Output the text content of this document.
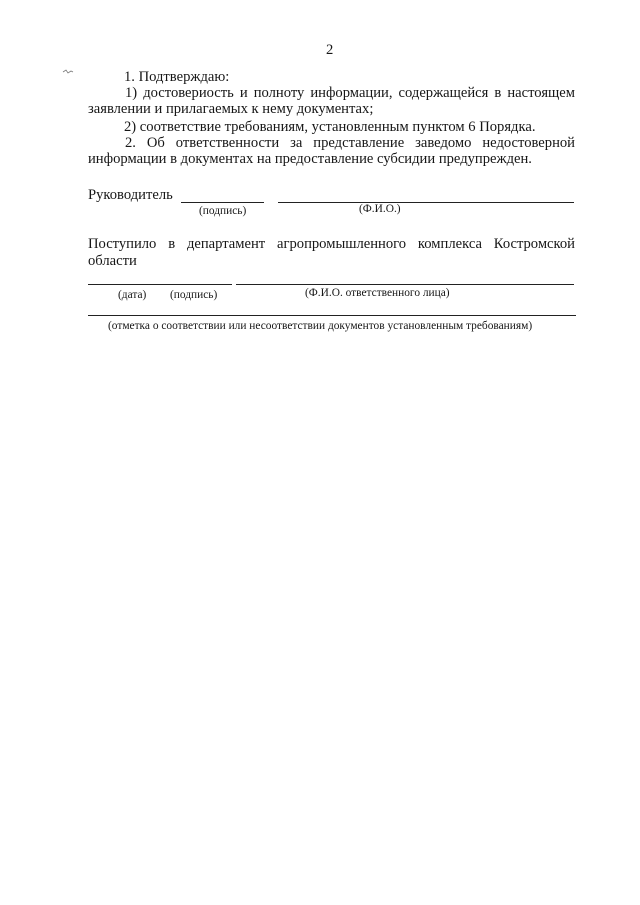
2
1. Подтверждаю:
1) достовериость и полноту информации, содержащейся в настоящем
заявлении и прилагаемых к нему документах;
2) соответствие требованиям, установленным пунктом 6 Порядка.
2. Об ответственности за представление заведомо недостоверной
информации в документах на предоставление субсидии предупрежден.
Руководитель
(подпись)	(Ф.И.О.)
Поступило в департамент агропромышленного комплекса Костромской
области
(дата) (подпись)	(Ф.И.О. ответственного лица)
(отметка о соответствии или несоответствии документов установленным требованиям)
